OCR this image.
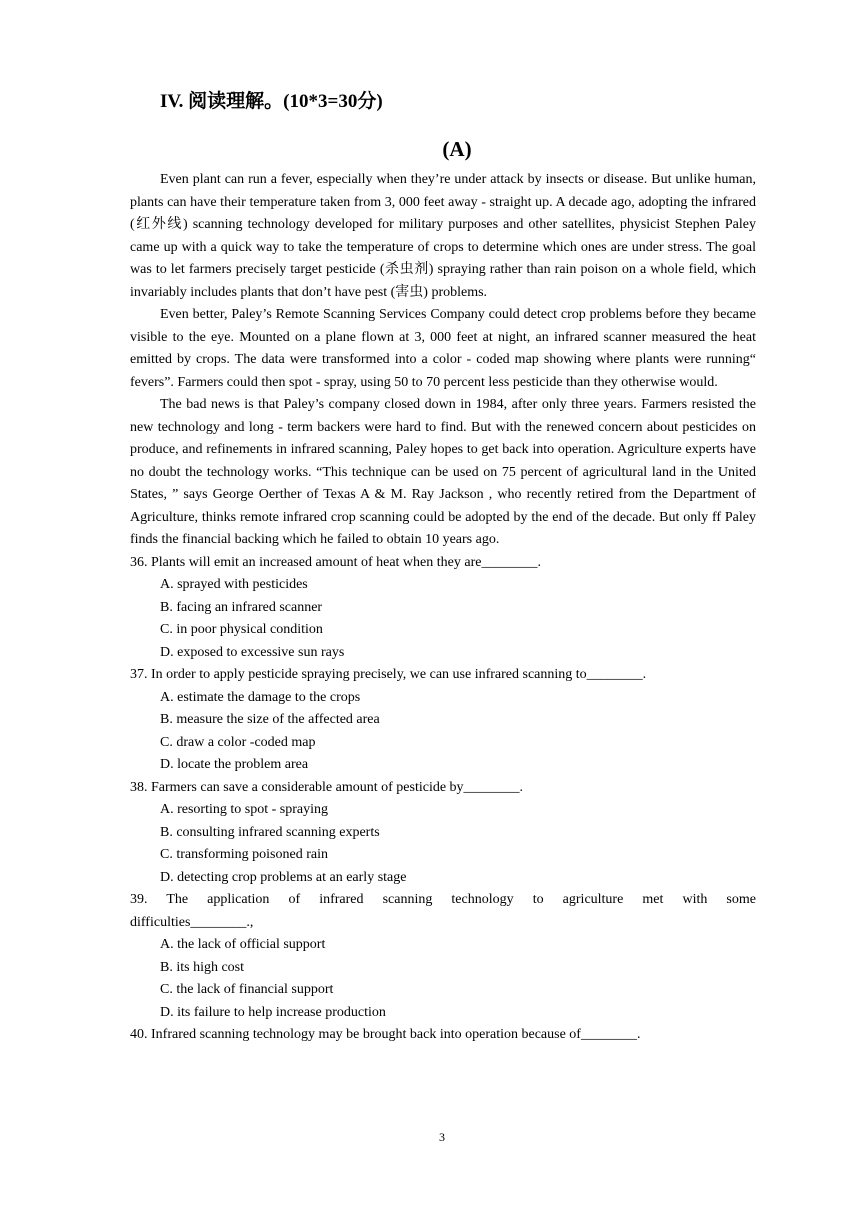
IV. 阅读理解。(10*3=30分)
(A)

Even plant can run a fever, especially when they’re under attack by insects or disease. But unlike human, plants can have their temperature taken from 3, 000 feet away - straight up. A decade ago, adopting the infrared (红外线) scanning technology developed for military purposes and other satellites, physicist Stephen Paley came up with a quick way to take the temperature of crops to determine which ones are under stress. The goal was to let farmers precisely target pesticide (杀虫剂) spraying rather than rain poison on a whole field, which invariably includes plants that don’t have pest (害虫) problems.

Even better, Paley’s Remote Scanning Services Company could detect crop problems before they became visible to the eye. Mounted on a plane flown at 3, 000 feet at night, an infrared scanner measured the heat emitted by crops. The data were transformed into a color - coded map showing where plants were running“ fevers”. Farmers could then spot - spray, using 50 to 70 percent less pesticide than they otherwise would.

The bad news is that Paley’s company closed down in 1984, after only three years. Farmers resisted the new technology and long - term backers were hard to find. But with the renewed concern about pesticides on produce, and refinements in infrared scanning, Paley hopes to get back into operation. Agriculture experts have no doubt the technology works. “This technique can be used on 75 percent of agricultural land in the United States, ” says George Oerther of Texas A & M. Ray Jackson , who recently retired from the Department of Agriculture, thinks remote infrared crop scanning could be adopted by the end of the decade. But only ff Paley finds the financial backing which he failed to obtain 10 years ago.

36. Plants will emit an increased amount of heat when they are________.

A. sprayed with pesticides

B. facing an infrared scanner

C. in poor physical condition

D. exposed to excessive sun rays

37. In order to apply pesticide spraying precisely, we can use infrared scanning to________.

A. estimate the damage to the crops

B. measure the size of the affected area

C. draw a color -coded map

D. locate the problem area

38. Farmers can save a considerable amount of pesticide by________.

A. resorting to spot - spraying

B. consulting infrared scanning experts

C. transforming poisoned rain

D. detecting crop problems at an early stage

39. The application of infrared scanning technology to agriculture met with some

difficulties________.,

A. the lack of official support

B. its high cost

C. the lack of financial support

D. its failure to help increase production

40. Infrared scanning technology may be brought back into operation because of________.

3
